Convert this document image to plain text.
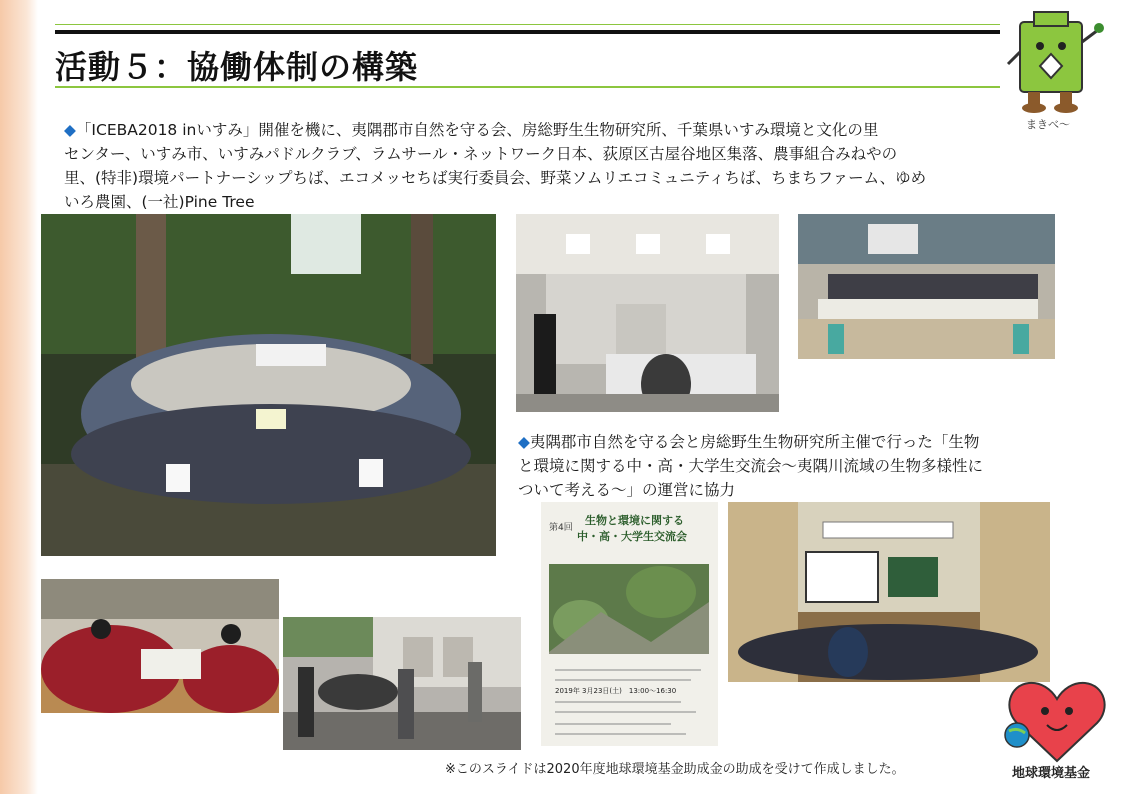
活動５：協働体制の構築
まきべ～
◆「ICEBA2018 inいすみ」開催を機に、夷隅郡市自然を守る会、房総野生生物研究所、千葉県いすみ環境と文化の里
センター、いすみ市、いすみパドルクラブ、ラムサール・ネットワーク日本、荻原区古屋谷地区集落、農事組合みねやの
里、(特非)環境パートナーシップちば、エコメッセちば実行委員会、野菜ソムリエコミュニティちば、ちまちファーム、ゆめ
いろ農園、(一社)Pine Tree
◆夷隅郡市自然を守る会と房総野生生物研究所主催で行った「生物
と環境に関する中・高・大学生交流会～夷隅川流域の生物多様性に
ついて考える～」の運営に協力
第4回
生物と環境に関する
中・高・大学生交流会
2019年 3月23日(土)　13:00～16:30
※このスライドは2020年度地球環境基金助成金の助成を受けて作成しました。	地球環境基金
